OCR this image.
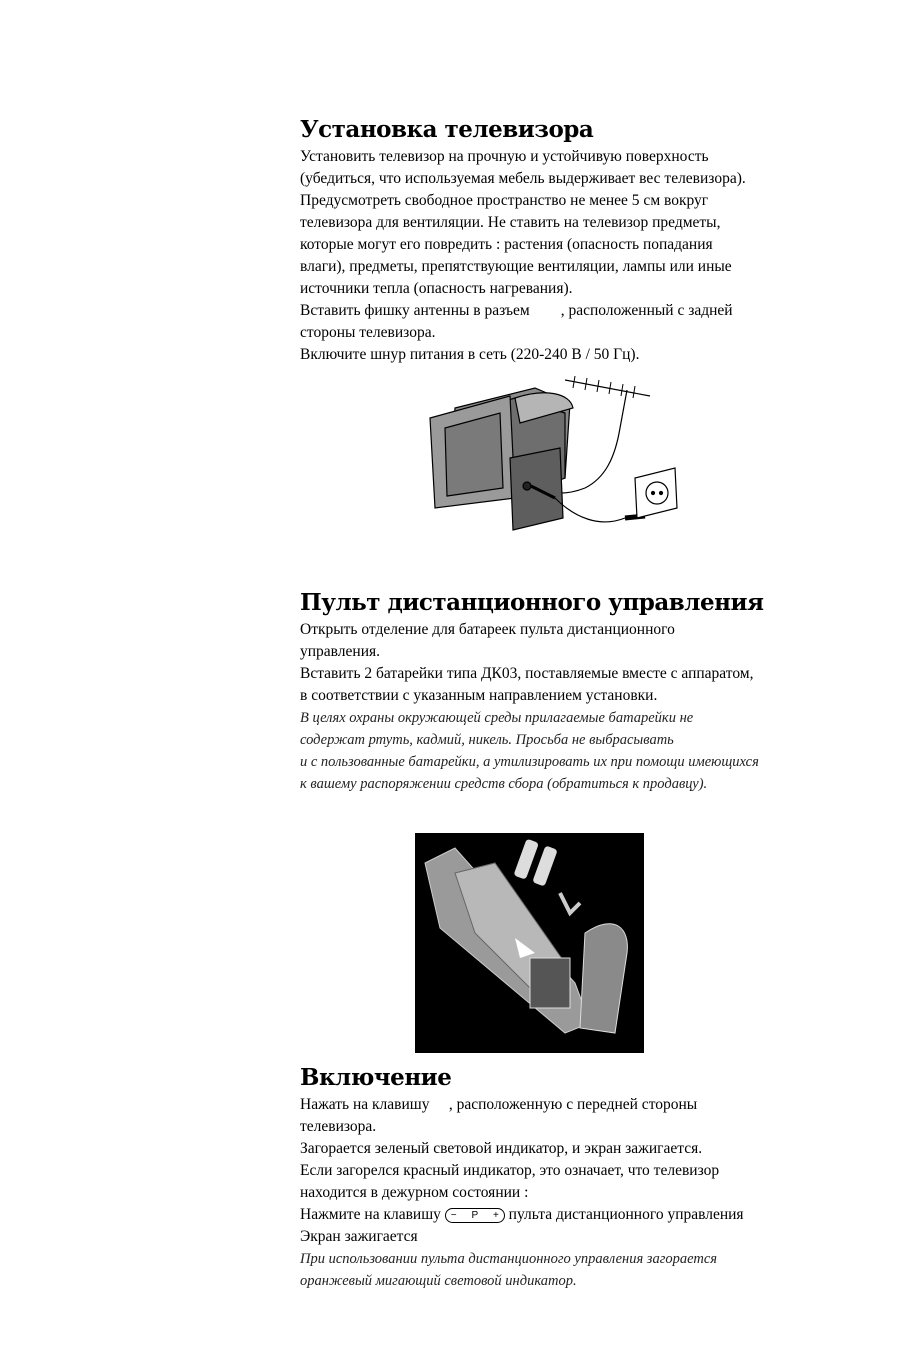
Установка телевизора
Установить телевизор на прочную и устойчивую поверхность
(убедиться, что используемая мебель выдерживает вес телевизора).
Предусмотреть свободное пространство не менее 5 см вокруг
телевизора для вентиляции. Не ставить на телевизор предметы,
которые могут его повредить : растения (опасность попадания
влаги), предметы, препятствующие вентиляции, лампы или иные
источники тепла (опасность нагревания).
Вставить фишку антенны в разъем        , расположенный с задней
стороны телевизора.
Включите шнур питания в сеть (220-240 В / 50 Гц).
Пульт дистанционного управления
Открыть отделение для батареек пульта дистанционного
управления.
Вставить 2 батарейки типа ДК03, поставляемые вместе с аппаратом,
в соответствии с указанным направлением установки.
В целях охраны окружающей среды прилагаемые батарейки не
содержат ртуть, кадмий, никель. Просьба не выбрасывать
и с пользованные батарейки, а утилизировать их при помощи имеющихся
к вашему распоряжении средств сбора (обратиться к продавцу).
Включение
Нажать на клавишу     , расположенную с передней стороны
телевизора.
Загорается зеленый световой индикатор, и экран зажигается.
Если загорелся красный индикатор, это означает, что телевизор
находится в дежурном состоянии :
Нажмите на клавишу − P + пульта дистанционного управления
Экран зажигается
При использовании пульта дистанционного управления загорается
оранжевый мигающий световой индикатор.
